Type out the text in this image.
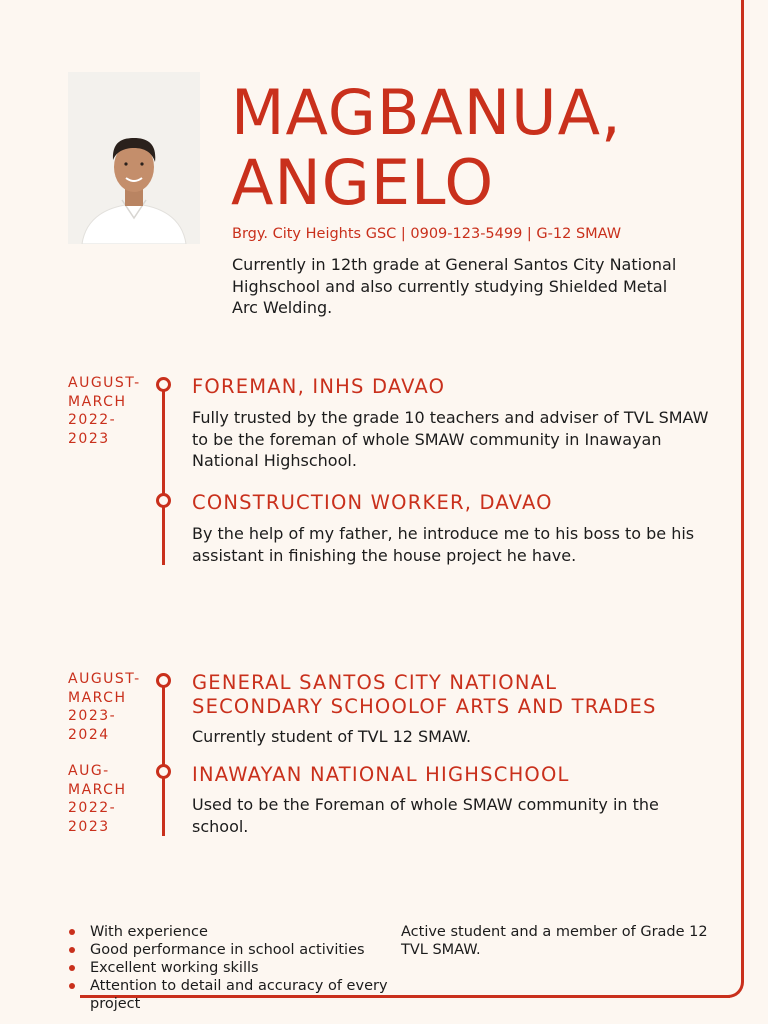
MAGBANUA,
ANGELO
Brgy. City Heights GSC | 0909-123-5499 | G-12 SMAW

Currently in 12th grade at General Santos City National Highschool and also currently studying Shielded Metal Arc Welding.

AUGUST-
MARCH
2022-
2023
FOREMAN, INHS DAVAO
Fully trusted by the grade 10 teachers and adviser of TVL SMAW to be the foreman of whole SMAW community in Inawayan National Highschool.
CONSTRUCTION WORKER, DAVAO
By the help of my father, he introduce me to his boss to be his assistant in finishing the house project he have.
AUGUST-
MARCH
2023-
2024
AUG-
MARCH
2022-
2023
GENERAL SANTOS CITY NATIONAL
SECONDARY SCHOOLOF ARTS AND TRADES
Currently student of TVL 12 SMAW.
INAWAYAN NATIONAL HIGHSCHOOL
Used to be the Foreman of whole SMAW community in the school.
With experience
Good performance in school activities
Excellent working skills
Attention to detail and accuracy of every project
Active student and a member of Grade 12 TVL SMAW.
